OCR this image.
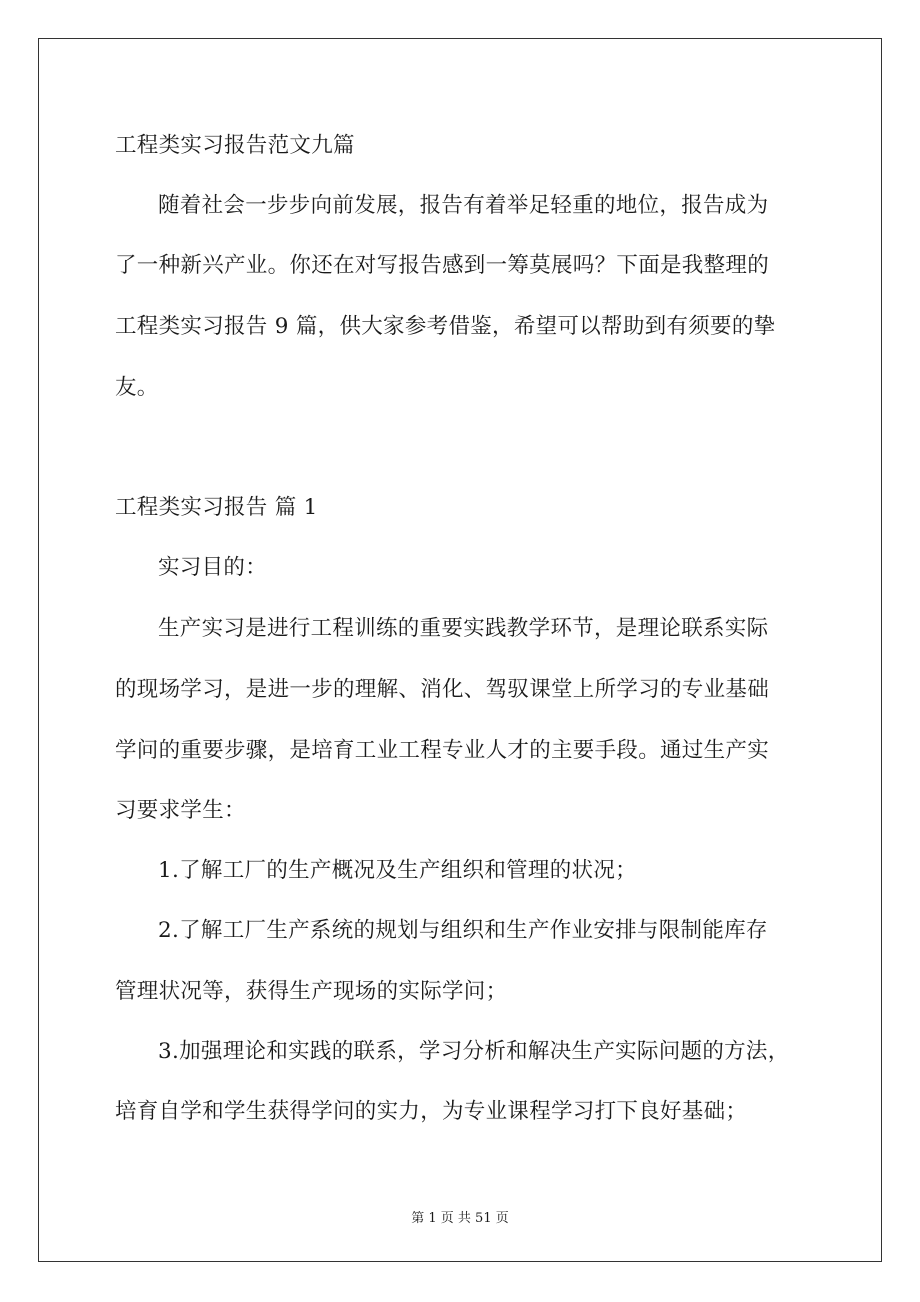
工程类实习报告范文九篇
随着社会一步步向前发展，报告有着举足轻重的地位，报告成为
了一种新兴产业。你还在对写报告感到一筹莫展吗？下面是我整理的
工程类实习报告 9 篇，供大家参考借鉴，希望可以帮助到有须要的挚
友。
工程类实习报告 篇 1
实习目的：
生产实习是进行工程训练的重要实践教学环节，是理论联系实际
的现场学习，是进一步的理解、消化、驾驭课堂上所学习的专业基础
学问的重要步骤，是培育工业工程专业人才的主要手段。通过生产实
习要求学生：
1.了解工厂的生产概况及生产组织和管理的状况；
2.了解工厂生产系统的规划与组织和生产作业安排与限制能库存
管理状况等，获得生产现场的实际学问；
3.加强理论和实践的联系，学习分析和解决生产实际问题的方法，
培育自学和学生获得学问的实力，为专业课程学习打下良好基础；
第 1 页 共 51 页
